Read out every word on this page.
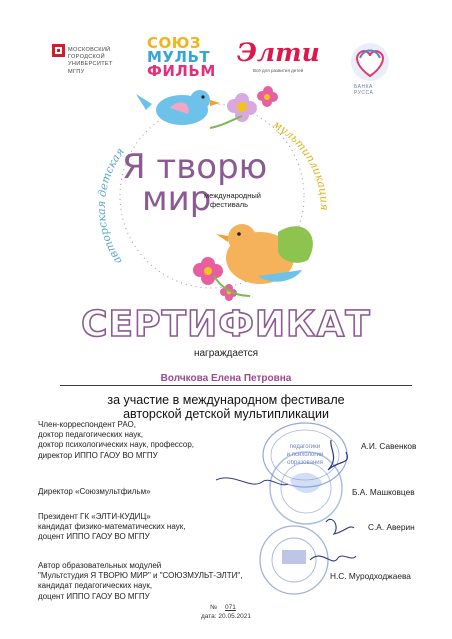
МОСКОВСКИЙ
ГОРОДСКОЙ
УНИВЕРСИТЕТ
МГПУ
СОЮЗ
МУЛЬТ
ФИЛЬМ
Элти
Всё для развития детей
БАНКА РУССА
авторская детская
мультипликация
Я творю
мир
международный
фестиваль
СЕРТИФИКАТ
награждается
Волчкова Елена Петровна
за участие в международном фестивале
авторской детской мультипликации
педагогики
и психологии
образования
Член-корреспондент РАО,
доктор педагогических наук,
доктор психологических наук, профессор,
директор ИППО ГАОУ ВО МГПУ
А.И. Савенков
Директор «Союзмультфильм»	Б.А. Машковцев
Президент ГК «ЭЛТИ-КУДИЦ»
кандидат физико-математических наук,
доцент ИППО ГАОУ ВО МГПУ
С.А. Аверин
Автор образовательных модулей
"Мультстудия Я ТВОРЮ МИР" и "СОЮЗМУЛЬТ-ЭЛТИ",
кандидат педагогических наук,
доцент ИППО ГАОУ ВО МГПУ
Н.С. Муродходжаева
№ 071
дата: 20.05.2021
